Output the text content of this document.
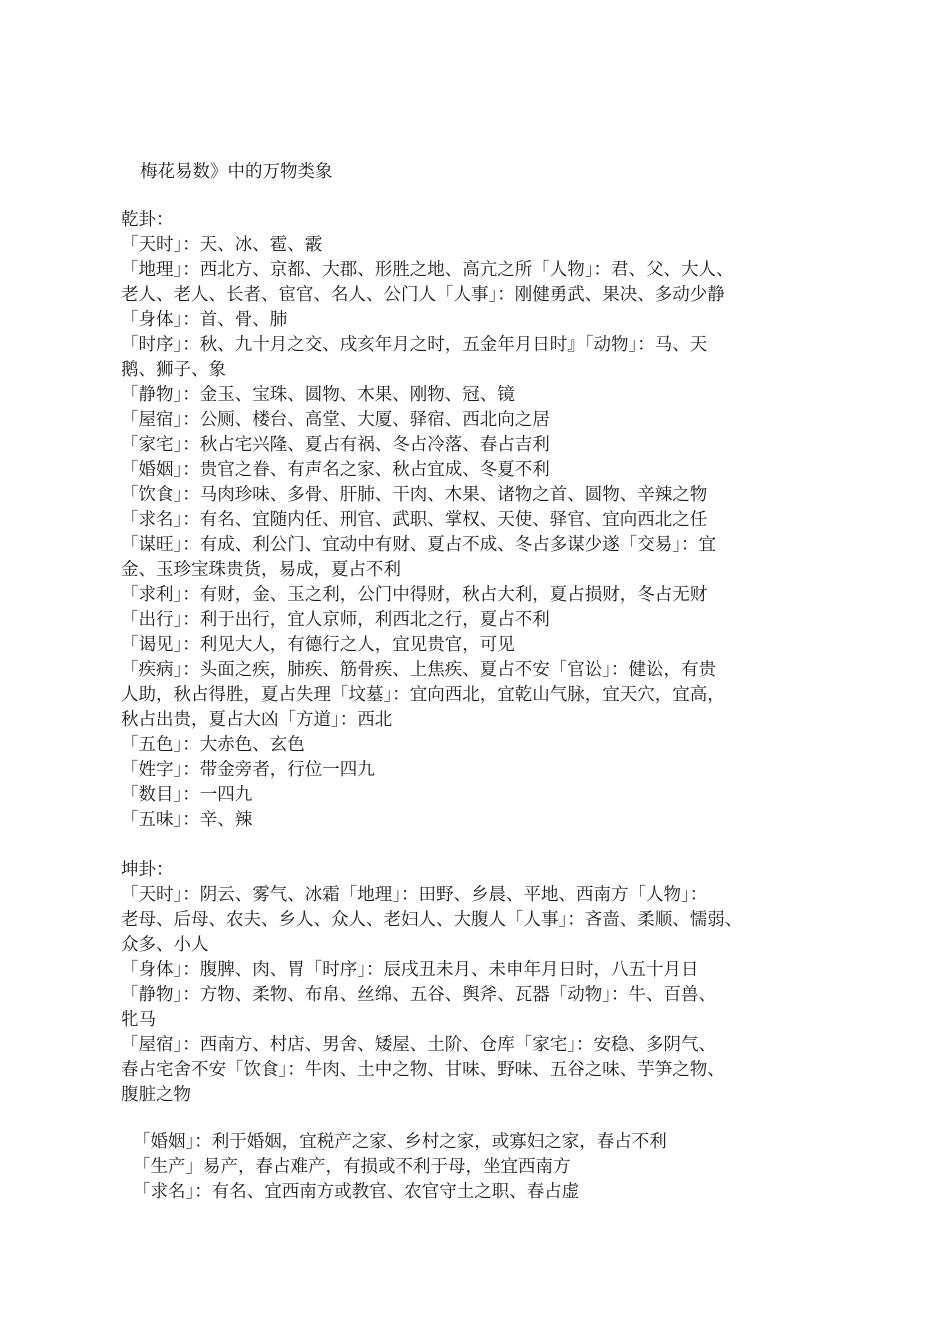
梅花易数》中的万物类象
乾卦：
「天时」：天、冰、雹、霰
「地理」：西北方、京都、大郡、形胜之地、高亢之所「人物」：君、父、大人、
老人、老人、长者、宦官、名人、公门人「人事」：刚健勇武、果决、多动少静
「身体」：首、骨、肺
「时序」：秋、九十月之交、戌亥年月之时，五金年月日时』「动物」：马、天
鹅、狮子、象
「静物」：金玉、宝珠、圆物、木果、刚物、冠、镜
「屋宿」：公厕、楼台、高堂、大厦、驿宿、西北向之居
「家宅」：秋占宅兴隆、夏占有祸、冬占冷落、春占吉利
「婚姻」：贵官之眷、有声名之家、秋占宜成、冬夏不利
「饮食」：马肉珍味、多骨、肝肺、干肉、木果、诸物之首、圆物、辛辣之物
「求名」：有名、宜随内任、刑官、武职、掌权、天使、驿官、宜向西北之任
「谋旺」：有成、利公门、宜动中有财、夏占不成、冬占多谋少遂「交易」：宜
金、玉珍宝珠贵货，易成，夏占不利
「求利」：有财，金、玉之利，公门中得财，秋占大利，夏占损财，冬占无财
「出行」：利于出行，宜人京师，利西北之行，夏占不利
「谒见」：利见大人，有德行之人，宜见贵官，可见
「疾病」：头面之疾，肺疾、筋骨疾、上焦疾、夏占不安「官讼」：健讼，有贵
人助，秋占得胜，夏占失理「坟墓」：宜向西北，宜乾山气脉，宜天穴，宜高，
秋占出贵，夏占大凶「方道」：西北
「五色」：大赤色、玄色
「姓字」：带金旁者，行位一四九
「数目」：一四九
「五味」：辛、辣
坤卦：
「天时」：阴云、雾气、冰霜「地理」：田野、乡晨、平地、西南方「人物」：
老母、后母、农夫、乡人、众人、老妇人、大腹人「人事」：吝啬、柔顺、懦弱、
众多、小人
「身体」：腹脾、肉、胃「时序」：辰戌丑未月、未申年月日时，八五十月日
「静物」：方物、柔物、布帛、丝绵、五谷、舆斧、瓦器「动物」：牛、百兽、
牝马
「屋宿」：西南方、村店、男舍、矮屋、土阶、仓库「家宅」：安稳、多阴气、
春占宅舍不安「饮食」：牛肉、土中之物、甘味、野味、五谷之味、芋笋之物、
腹脏之物
「婚姻」：利于婚姻，宜税产之家、乡村之家，或寡妇之家，春占不利
「生产」易产，春占难产，有损或不利于母，坐宜西南方
「求名」：有名、宜西南方或教官、农官守土之职、春占虚
